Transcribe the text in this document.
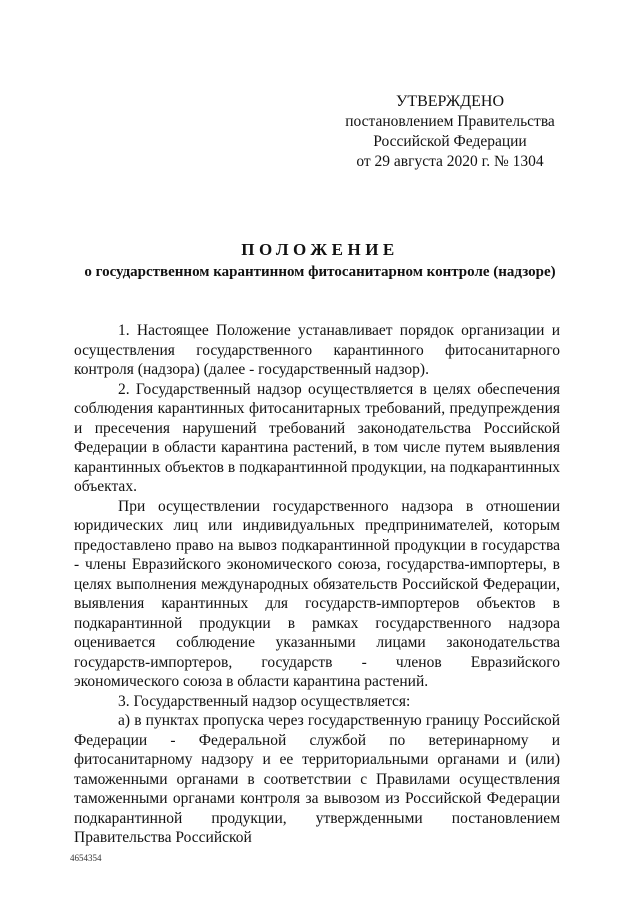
УТВЕРЖДЕНО
постановлением Правительства
Российской Федерации
от 29 августа 2020 г. № 1304
ПОЛОЖЕНИЕ
о государственном карантинном фитосанитарном контроле (надзоре)

1. Настоящее Положение устанавливает порядок организации и осуществления государственного карантинного фитосанитарного контроля (надзора) (далее - государственный надзор).

2. Государственный надзор осуществляется в целях обеспечения соблюдения карантинных фитосанитарных требований, предупреждения и пресечения нарушений требований законодательства Российской Федерации в области карантина растений, в том числе путем выявления карантинных объектов в подкарантинной продукции, на подкарантинных объектах.

При осуществлении государственного надзора в отношении юридических лиц или индивидуальных предпринимателей, которым предоставлено право на вывоз подкарантинной продукции в государства - члены Евразийского экономического союза, государства-импортеры, в целях выполнения международных обязательств Российской Федерации, выявления карантинных для государств-импортеров объектов в подкарантинной продукции в рамках государственного надзора оценивается соблюдение указанными лицами законодательства государств-импортеров, государств - членов Евразийского экономического союза в области карантина растений.

3. Государственный надзор осуществляется:

а) в пунктах пропуска через государственную границу Российской Федерации - Федеральной службой по ветеринарному и фитосанитарному надзору и ее территориальными органами и (или) таможенными органами в соответствии с Правилами осуществления таможенными органами контроля за вывозом из Российской Федерации подкарантинной продукции, утвержденными постановлением Правительства Российской

4654354
